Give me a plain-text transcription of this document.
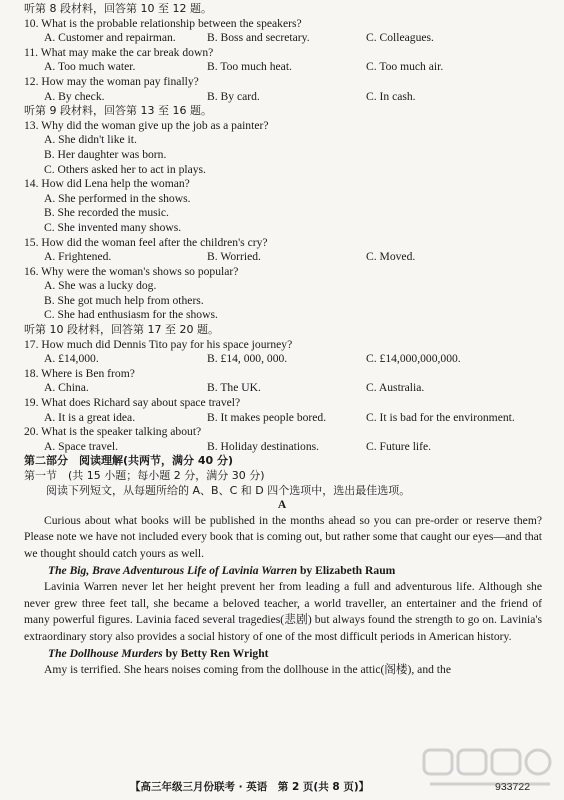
听第 8 段材料，回答第 10 至 12 题。
10. What is the probable relationship between the speakers?
A. Customer and repairman.	B. Boss and secretary.	C. Colleagues.
11. What may make the car break down?
A. Too much water.	B. Too much heat.	C. Too much air.
12. How may the woman pay finally?
A. By check.	B. By card.	C. In cash.
听第 9 段材料，回答第 13 至 16 题。
13. Why did the woman give up the job as a painter?
A. She didn't like it.
B. Her daughter was born.
C. Others asked her to act in plays.
14. How did Lena help the woman?
A. She performed in the shows.
B. She recorded the music.
C. She invented many shows.
15. How did the woman feel after the children's cry?
A. Frightened.	B. Worried.	C. Moved.
16. Why were the woman's shows so popular?
A. She was a lucky dog.
B. She got much help from others.
C. She had enthusiasm for the shows.
听第 10 段材料，回答第 17 至 20 题。
17. How much did Dennis Tito pay for his space journey?
A. £14,000.	B. £14, 000, 000.	C. £14,000,000,000.
18. Where is Ben from?
A. China.	B. The UK.	C. Australia.
19. What does Richard say about space travel?
A. It is a great idea.	B. It makes people bored.	C. It is bad for the environment.
20. What is the speaker talking about?
A. Space travel.	B. Holiday destinations.	C. Future life.
第二部分　阅读理解(共两节，满分 40 分)
第一节　(共 15 小题；每小题 2 分，满分 30 分)
阅读下列短文，从每题所给的 A、B、C 和 D 四个选项中，选出最佳选项。
A

Curious about what books will be published in the months ahead so you can pre-order or reserve them? Please note we have not included every book that is coming out, but rather some that caught our eyes—and that we thought should catch yours as well.

The Big, Brave Adventurous Life of Lavinia Warren by Elizabeth Raum

Lavinia Warren never let her height prevent her from leading a full and adventurous life. Although she never grew three feet tall, she became a beloved teacher, a world traveller, an entertainer and the friend of many powerful figures. Lavinia faced several tragedies(悲剧) but always found the strength to go on. Lavinia's extraordinary story also provides a social history of one of the most difficult periods in American history.

The Dollhouse Murders by Betty Ren Wright

Amy is terrified. She hears noises coming from the dollhouse in the attic(阁楼), and the

【高三年级三月份联考 · 英语　第 2 页(共 8 页)】	933722
